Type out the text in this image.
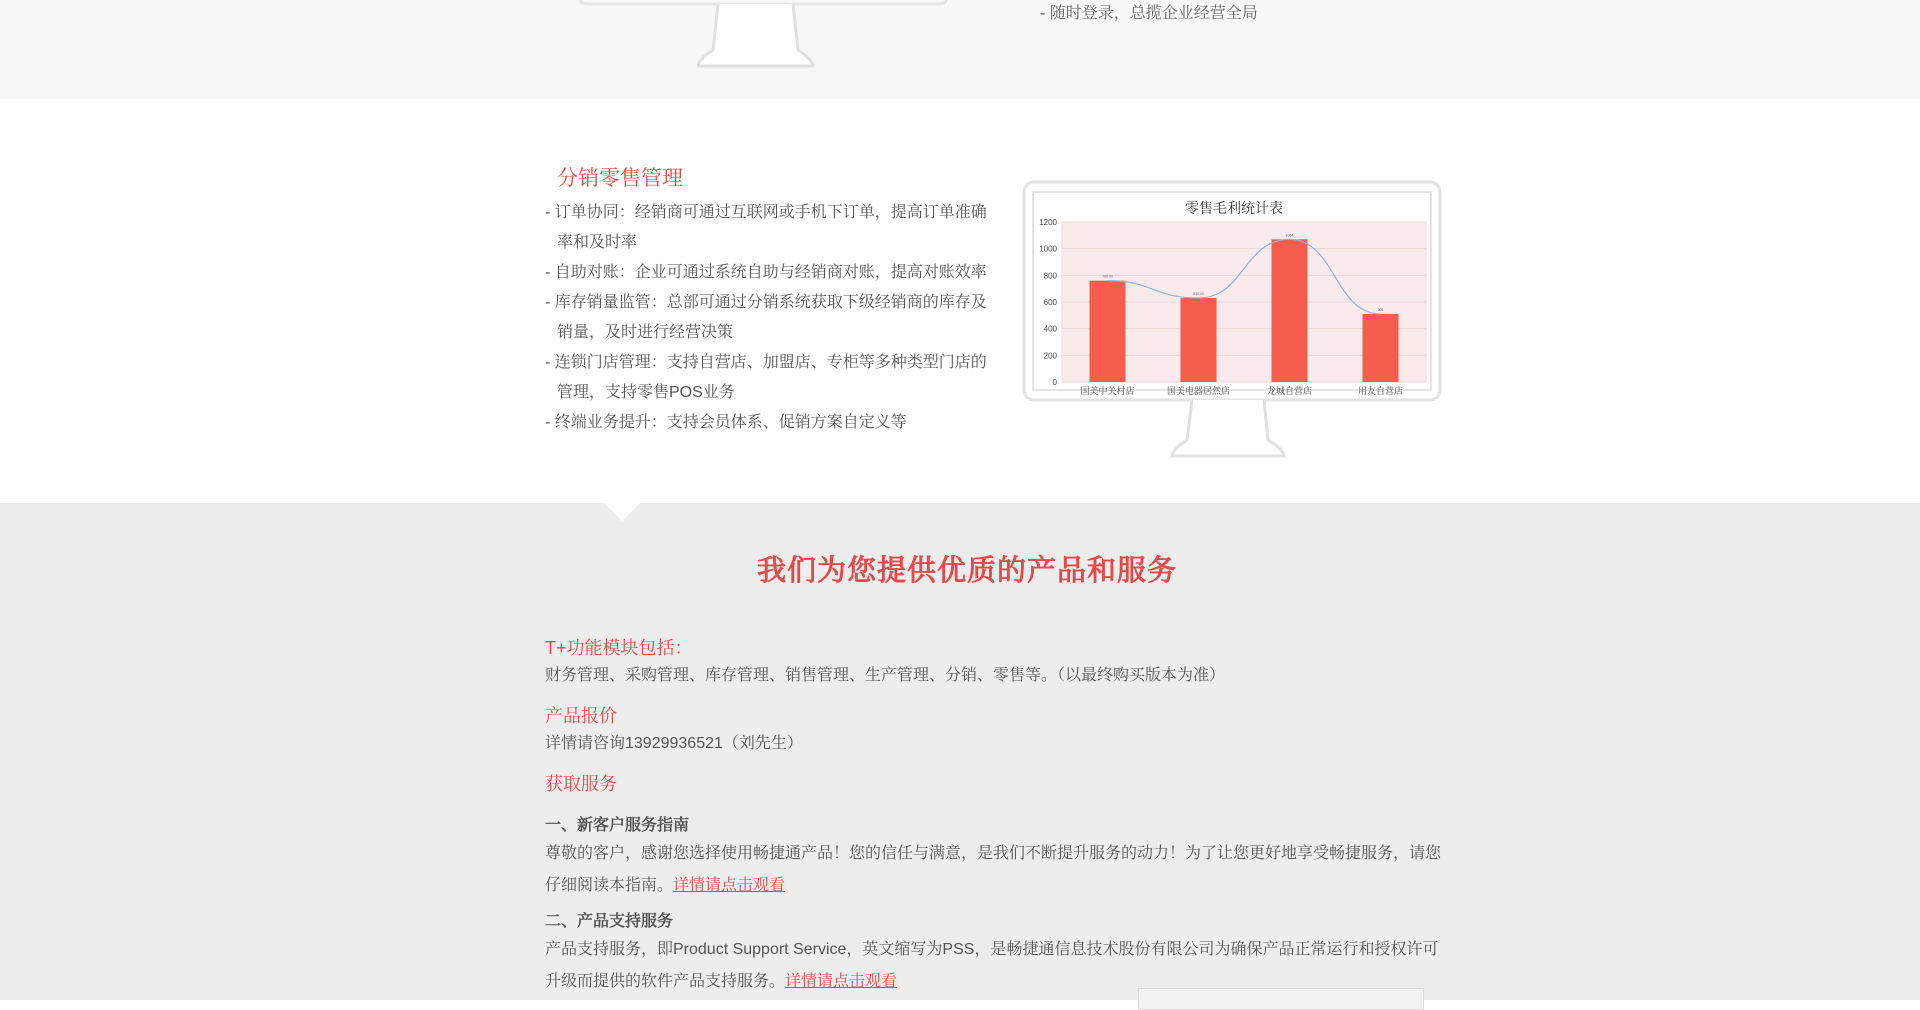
- 随时登录，总揽企业经营全局
分销零售管理
- 订单协同：经销商可通过互联网或手机下订单，提高订单准确率和及时率
- 自助对账：企业可通过系统自助与经销商对账，提高对账效率
- 库存销量监管：总部可通过分销系统获取下级经销商的库存及销量，及时进行经营决策
- 连锁门店管理：支持自营店、加盟店、专柜等多种类型门店的管理，支持零售POS业务
- 终端业务提升：支持会员体系、促销方案自定义等
零售毛利统计表
0
200
400
600
800
1000
1200
760.00
国美中关村店
630.00
国美电器居然店
1064
龙城自营店
505
用友自营店
我们为您提供优质的产品和服务
T+功能模块包括：
财务管理、采购管理、库存管理、销售管理、生产管理、分销、零售等。（以最终购买版本为准）
产品报价
详情请咨询13929936521（刘先生）
获取服务
一、新客户服务指南
尊敬的客户，感谢您选择使用畅捷通产品！您的信任与满意，是我们不断提升服务的动力！为了让您更好地享受畅捷服务，请您仔细阅读本指南。详情请点击观看
二、产品支持服务
产品支持服务，即Product Support Service，英文缩写为PSS，是畅捷通信息技术股份有限公司为确保产品正常运行和授权许可升级而提供的软件产品支持服务。详情请点击观看
